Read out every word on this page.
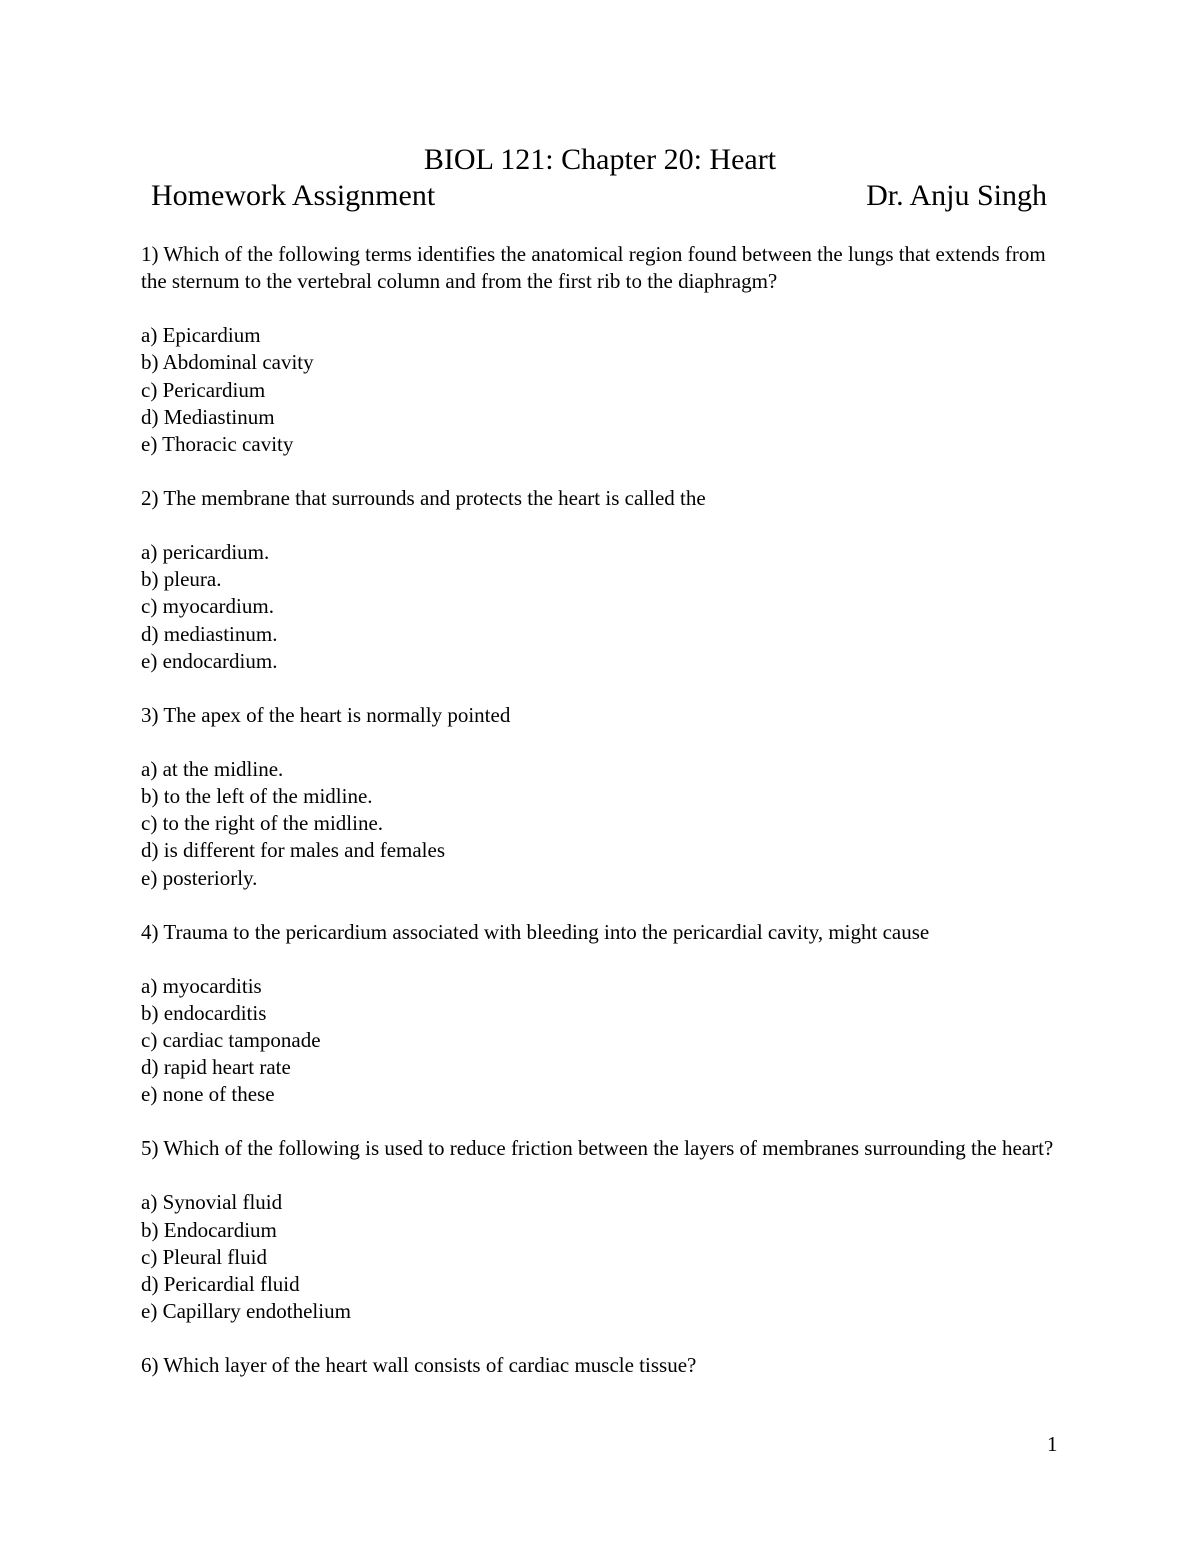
BIOL 121: Chapter 20: Heart
Homework Assignment	Dr. Anju Singh
1) Which of the following terms identifies the anatomical region found between the lungs that extends from the sternum to the vertebral column and from the first rib to the diaphragm?
a) Epicardium
b) Abdominal cavity
c) Pericardium
d) Mediastinum
e) Thoracic cavity
2) The membrane that surrounds and protects the heart is called the
a) pericardium.
b) pleura.
c) myocardium.
d) mediastinum.
e) endocardium.
3) The apex of the heart is normally pointed
a) at the midline.
b) to the left of the midline.
c) to the right of the midline.
d) is different for males and females
e) posteriorly.
4) Trauma to the pericardium associated with bleeding into the pericardial cavity, might cause
a) myocarditis
b) endocarditis
c) cardiac tamponade
d) rapid heart rate
e) none of these
5) Which of the following is used to reduce friction between the layers of membranes surrounding the heart?
a) Synovial fluid
b) Endocardium
c) Pleural fluid
d) Pericardial fluid
e) Capillary endothelium
6) Which layer of the heart wall consists of cardiac muscle tissue?
1
